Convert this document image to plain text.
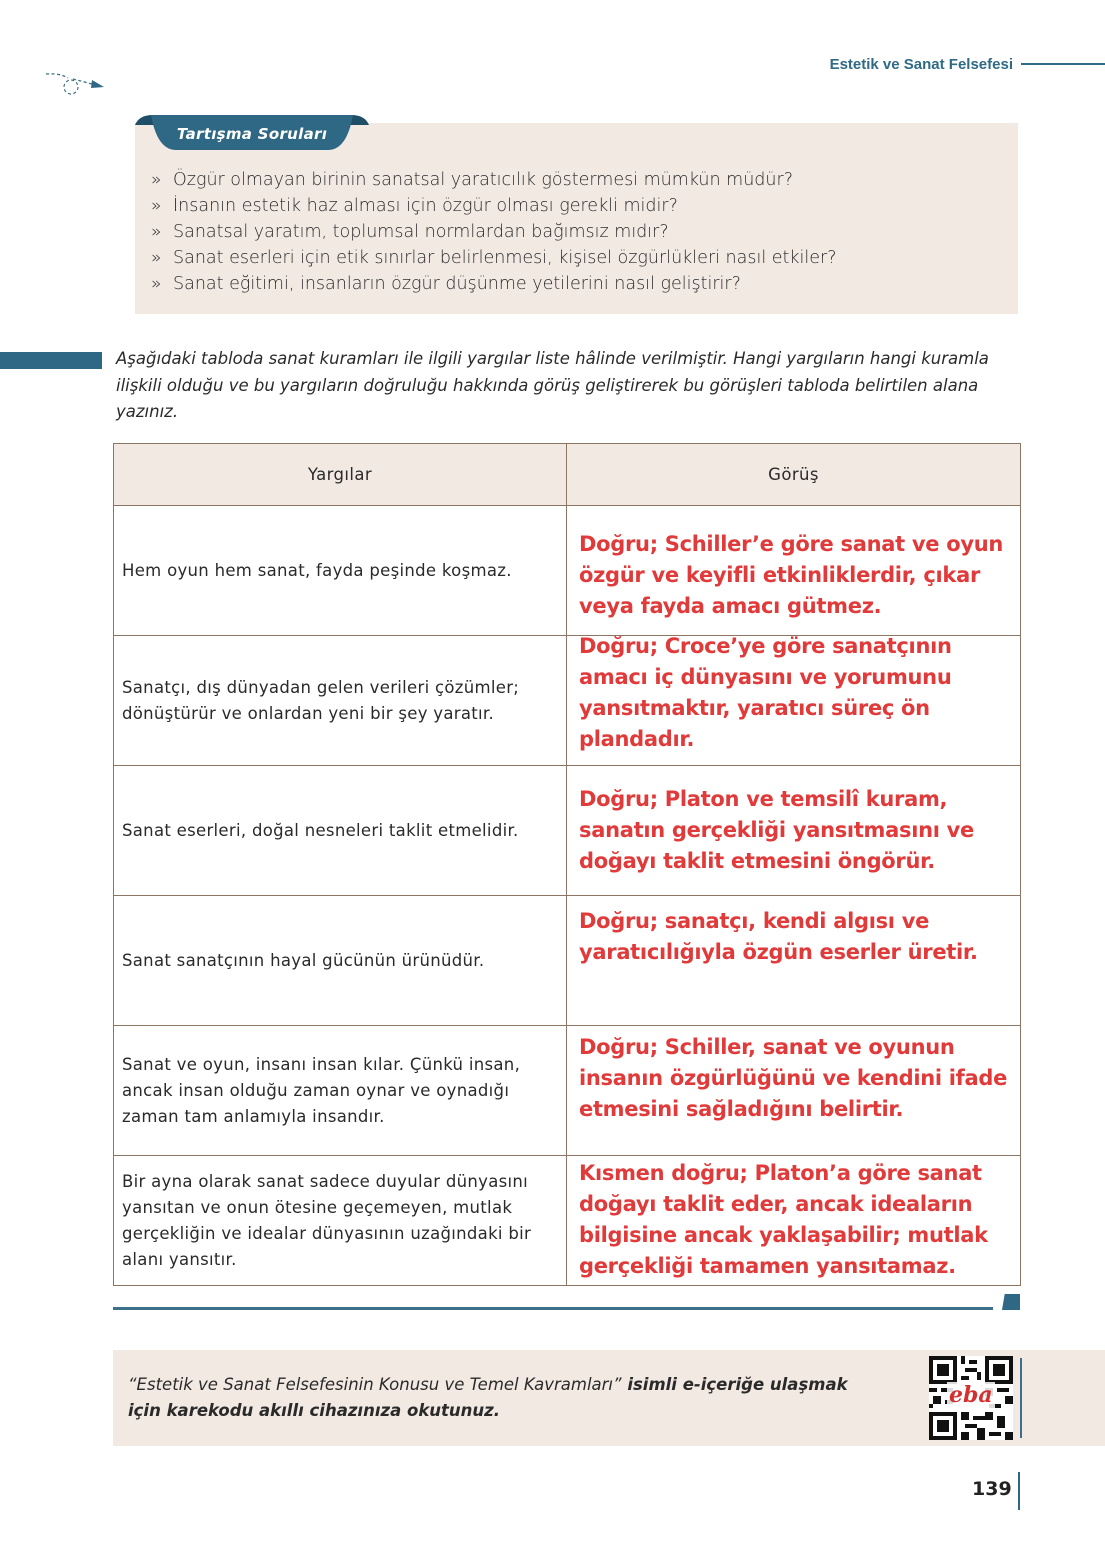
Estetik ve Sanat Felsefesi
» Özgür olmayan birinin sanatsal yaratıcılık göstermesi mümkün müdür?
» İnsanın estetik haz alması için özgür olması gerekli midir?
» Sanatsal yaratım, toplumsal normlardan bağımsız mıdır?
» Sanat eserleri için etik sınırlar belirlenmesi, kişisel özgürlükleri nasıl etkiler?
» Sanat eğitimi, insanların özgür düşünme yetilerini nasıl geliştirir?
Tartışma Soruları

Aşağıdaki tabloda sanat kuramları ile ilgili yargılar liste hâlinde verilmiştir. Hangi yargıların hangi kuramla ilişkili olduğu ve bu yargıların doğruluğu hakkında görüş geliştirerek bu görüşleri tabloda belirtilen alana yazınız.

Yargılar	Görüş

Hem oyun hem sanat, fayda peşinde koşmaz.	Doğru; Schiller’e göre sanat ve oyun özgür ve keyifli etkinliklerdir, çıkar veya fayda amacı gütmez.

Sanatçı, dış dünyadan gelen verileri çözümler; dönüştürür ve onlardan yeni bir şey yaratır.	Doğru; Croce’ye göre sanatçının amacı iç dünyasını ve yorumunu yansıtmaktır, yaratıcı süreç ön plandadır.

Sanat eserleri, doğal nesneleri taklit etmelidir.	Doğru; Platon ve temsilî kuram, sanatın gerçekliği yansıtmasını ve doğayı taklit etmesini öngörür.

Sanat sanatçının hayal gücünün ürünüdür.	Doğru; sanatçı, kendi algısı ve yaratıcılığıyla özgün eserler üretir.

Sanat ve oyun, insanı insan kılar. Çünkü insan, ancak insan olduğu zaman oynar ve oynadığı zaman tam anlamıyla insandır.	Doğru; Schiller, sanat ve oyunun insanın özgürlüğünü ve kendini ifade etmesini sağladığını belirtir.

Bir ayna olarak sanat sadece duyular dünyasını yansıtan ve onun ötesine geçemeyen, mutlak gerçekliğin ve idealar dünyasının uzağındaki bir alanı yansıtır.	Kısmen doğru; Platon’a göre sanat doğayı taklit eder, ancak ideaların bilgisine ancak yaklaşabilir; mutlak gerçekliği tamamen yansıtamaz.

“Estetik ve Sanat Felsefesinin Konusu ve Temel Kavramları” isimli e-içeriğe ulaşmak
için karekodu akıllı cihazınıza okutunuz.

eba
139
